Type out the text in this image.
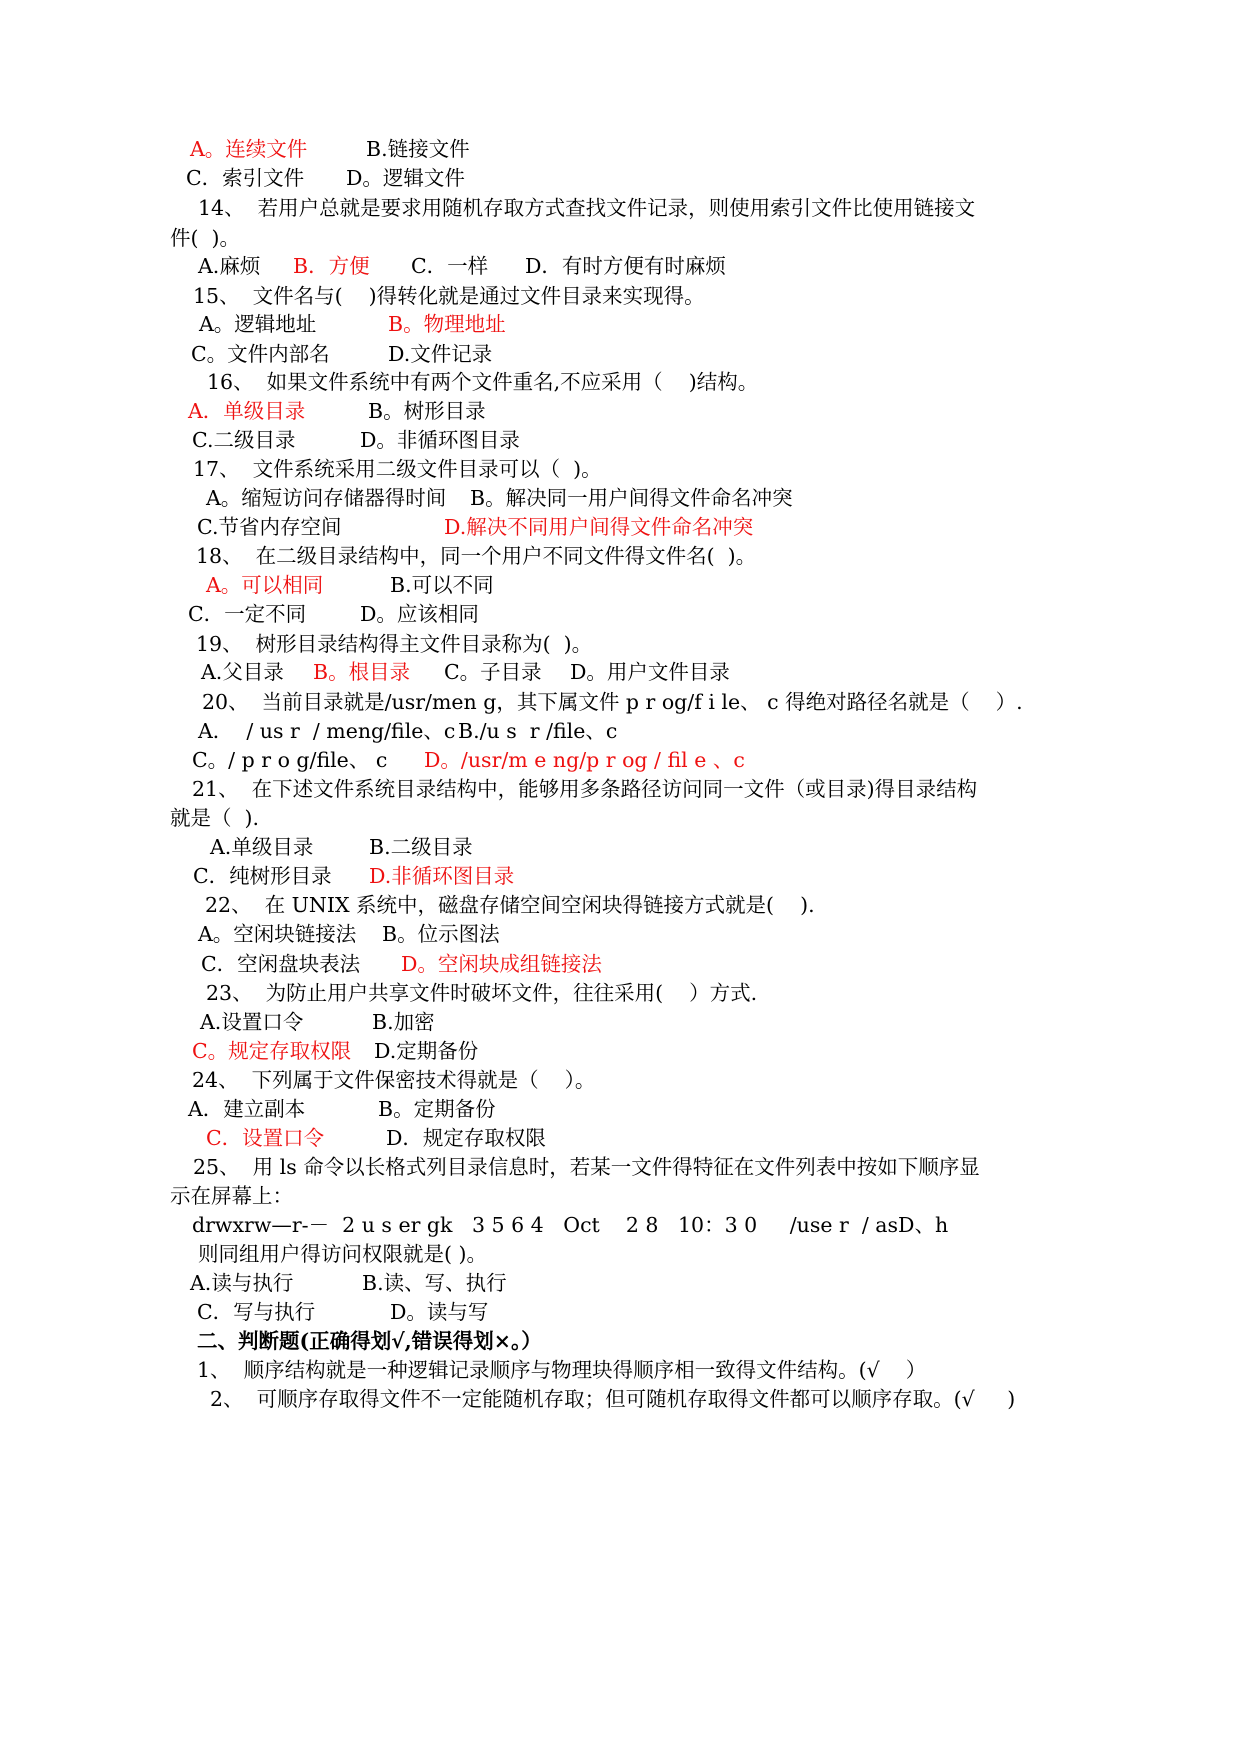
A。连续文件	B.链接文件
C．索引文件 D。逻辑文件
14、  若用户总就是要求用随机存取方式查找文件记录，则使用索引文件比使用链接文
件(  )。
A.麻烦 B．方便 C．一样 D．有时方便有时麻烦
15、  文件名与(    )得转化就是通过文件目录来实现得。
A。逻辑地址	B。物理地址
C。文件内部名	D.文件记录
16、  如果文件系统中有两个文件重名,不应采用（    )结构。
A．单级目录	B。树形目录
C.二级目录	D。非循环图目录
17、  文件系统采用二级文件目录可以（  )。
A。缩短访问存储器得时间 B。解决同一用户间得文件命名冲突
C.节省内存空间	D.解决不同用户间得文件命名冲突
18、  在二级目录结构中，同一个用户不同文件得文件名(  )。
A。可以相同	B.可以不同
C．一定不同	D。应该相同
19、  树形目录结构得主文件目录称为(  )。
A.父目录 B。根目录 C。子目录 D。用户文件目录
20、  当前目录就是/usr/men g，其下属文件 p r og/f i le、 c 得绝对路径名就是（    ）.
A．  / us r  / meng/file、c B./u s  r /file、c
C。/ p r o g/file、 c D。/usr/m e ng/p r og / fil e 、c
21、  在下述文件系统目录结构中，能够用多条路径访问同一文件（或目录)得目录结构
就是（  ).
A.单级目录	B.二级目录
C．纯树形目录 D.非循环图目录
22、  在 UNIX 系统中，磁盘存储空间空闲块得链接方式就是(    ).
A。空闲块链接法 B。位示图法
C．空闲盘块表法 D。空闲块成组链接法
23、  为防止用户共享文件时破坏文件，往往采用(    ）方式.
A.设置口令	B.加密
C。规定存取权限 D.定期备份
24、  下列属于文件保密技术得就是（    ）。
A．建立副本	B。定期备份
C．设置口令	D．规定存取权限
25、  用 ls 命令以长格式列目录信息时，若某一文件得特征在文件列表中按如下顺序显
示在屏幕上：
drwxrw—r-－  2 u s er gk   3 5 6 4   Oct    2 8   10：3 0     /use r  / asD、h
则同组用户得访问权限就是( )。
A.读与执行	B.读、写、执行
C．写与执行	D。读与写
二、判断题(正确得划√,错误得划×。）
1、  顺序结构就是一种逻辑记录顺序与物理块得顺序相一致得文件结构。(√    ）
2、  可顺序存取得文件不一定能随机存取；但可随机存取得文件都可以顺序存取。(√     )
